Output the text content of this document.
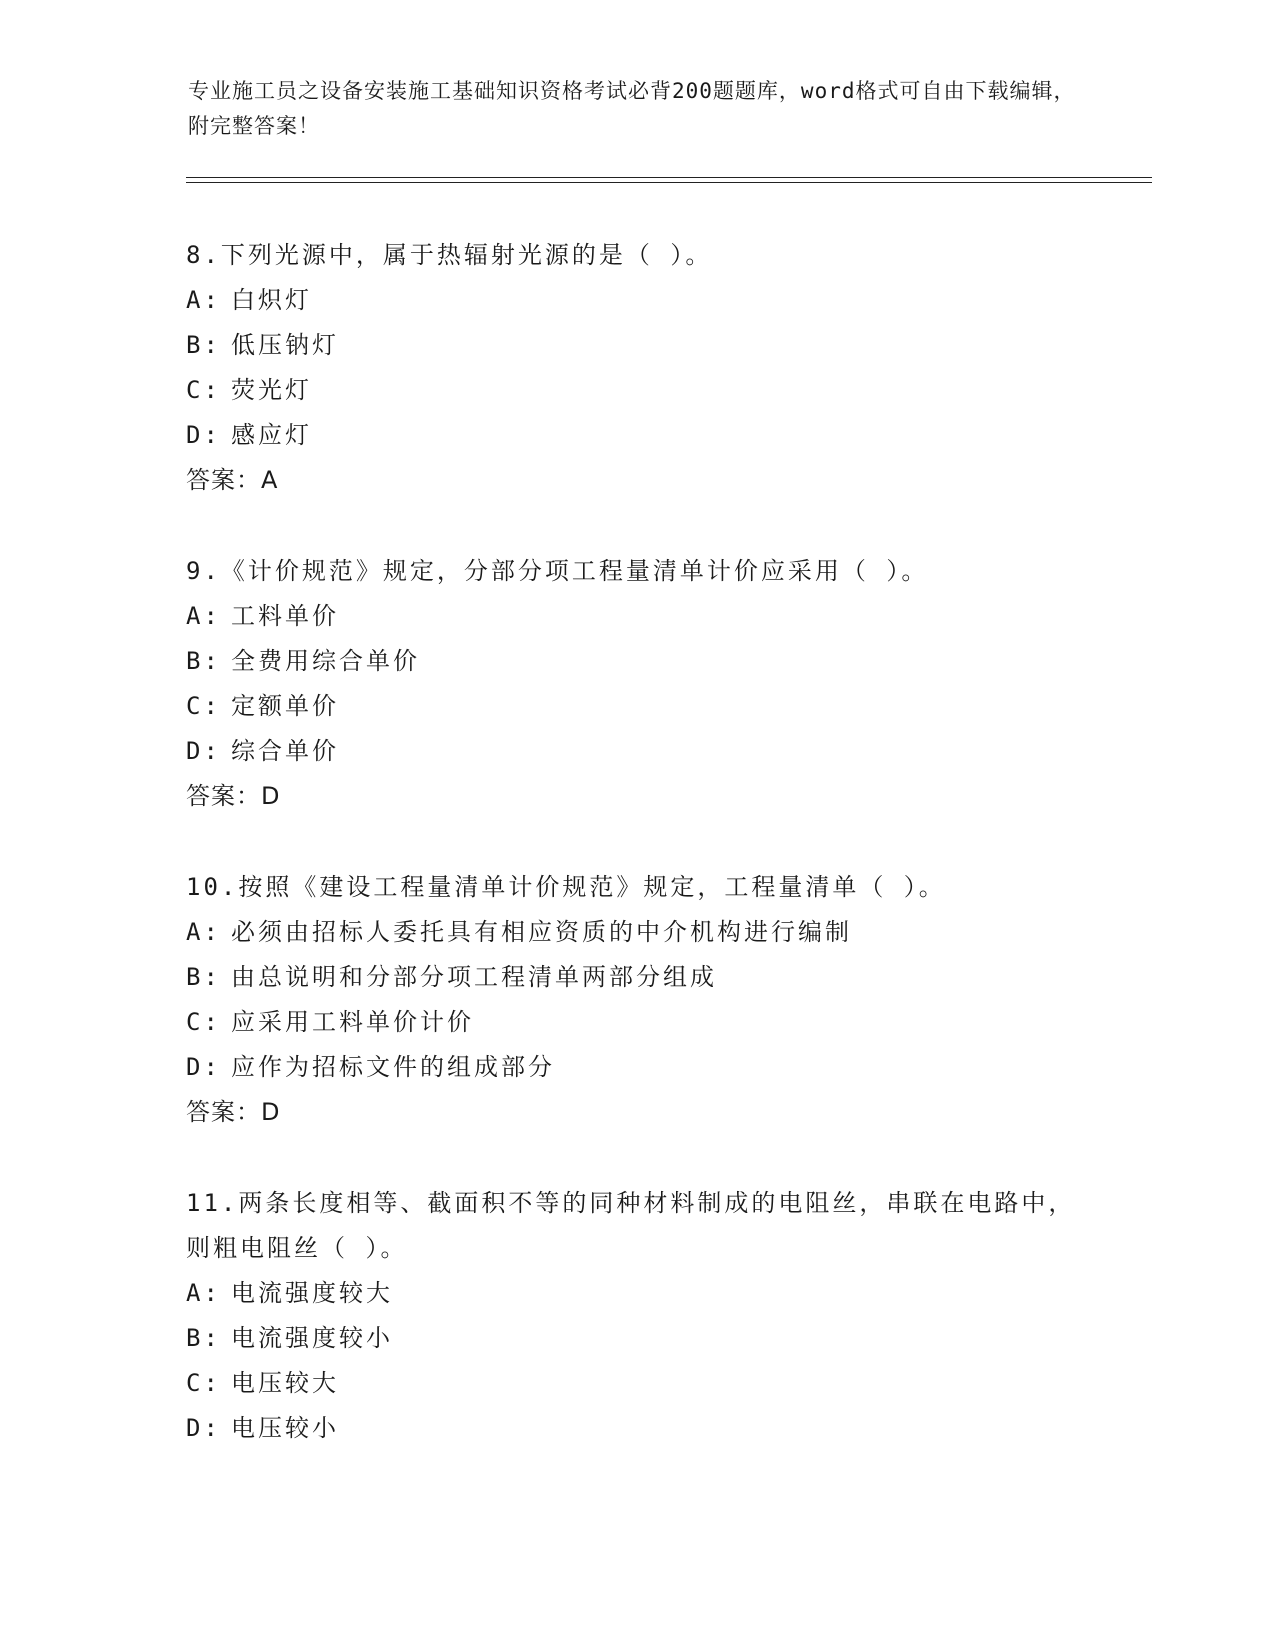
专业施工员之设备安装施工基础知识资格考试必背200题题库，word格式可自由下载编辑，附完整答案！

8.下列光源中，属于热辐射光源的是（ ）。

A: 白炽灯

B: 低压钠灯

C: 荧光灯

D: 感应灯

答案：A

9.《计价规范》规定，分部分项工程量清单计价应采用（ ）。

A: 工料单价

B: 全费用综合单价

C: 定额单价

D: 综合单价

答案：D

10.按照《建设工程量清单计价规范》规定，工程量清单（ ）。

A: 必须由招标人委托具有相应资质的中介机构进行编制

B: 由总说明和分部分项工程清单两部分组成

C: 应采用工料单价计价

D: 应作为招标文件的组成部分

答案：D

11.两条长度相等、截面积不等的同种材料制成的电阻丝，串联在电路中，则粗电阻丝（ ）。

A: 电流强度较大

B: 电流强度较小

C: 电压较大

D: 电压较小
